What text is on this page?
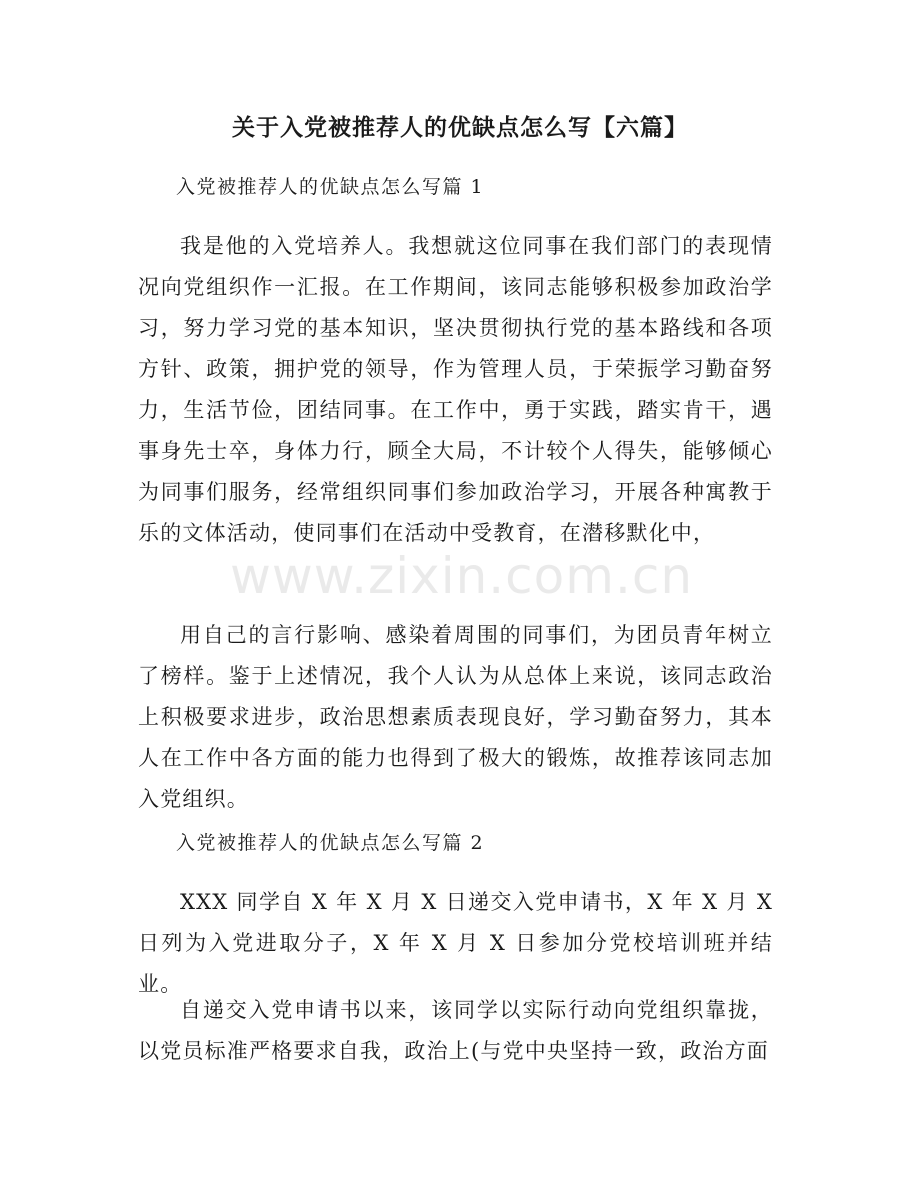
关于入党被推荐人的优缺点怎么写【六篇】

入党被推荐人的优缺点怎么写篇 1

我是他的入党培养人。我想就这位同事在我们部门的表现情况向党组织作一汇报。在工作期间，该同志能够积极参加政治学习，努力学习党的基本知识，坚决贯彻执行党的基本路线和各项方针、政策，拥护党的领导，作为管理人员，于荣振学习勤奋努力，生活节俭，团结同事。在工作中，勇于实践，踏实肯干，遇事身先士卒，身体力行，顾全大局，不计较个人得失，能够倾心为同事们服务，经常组织同事们参加政治学习，开展各种寓教于乐的文体活动，使同事们在活动中受教育，在潜移默化中，

用自己的言行影响、感染着周围的同事们，为团员青年树立了榜样。鉴于上述情况，我个人认为从总体上来说，该同志政治上积极要求进步，政治思想素质表现良好，学习勤奋努力，其本人在工作中各方面的能力也得到了极大的锻炼，故推荐该同志加入党组织。

入党被推荐人的优缺点怎么写篇 2

XXX 同学自 X 年 X 月 X 日递交入党申请书，X 年 X 月 X 日列为入党进取分子，X 年 X 月 X 日参加分党校培训班并结业。

自递交入党申请书以来，该同学以实际行动向党组织靠拢，以党员标准严格要求自我，政治上(与党中央坚持一致，政治方面

www.zixin.com.cn
